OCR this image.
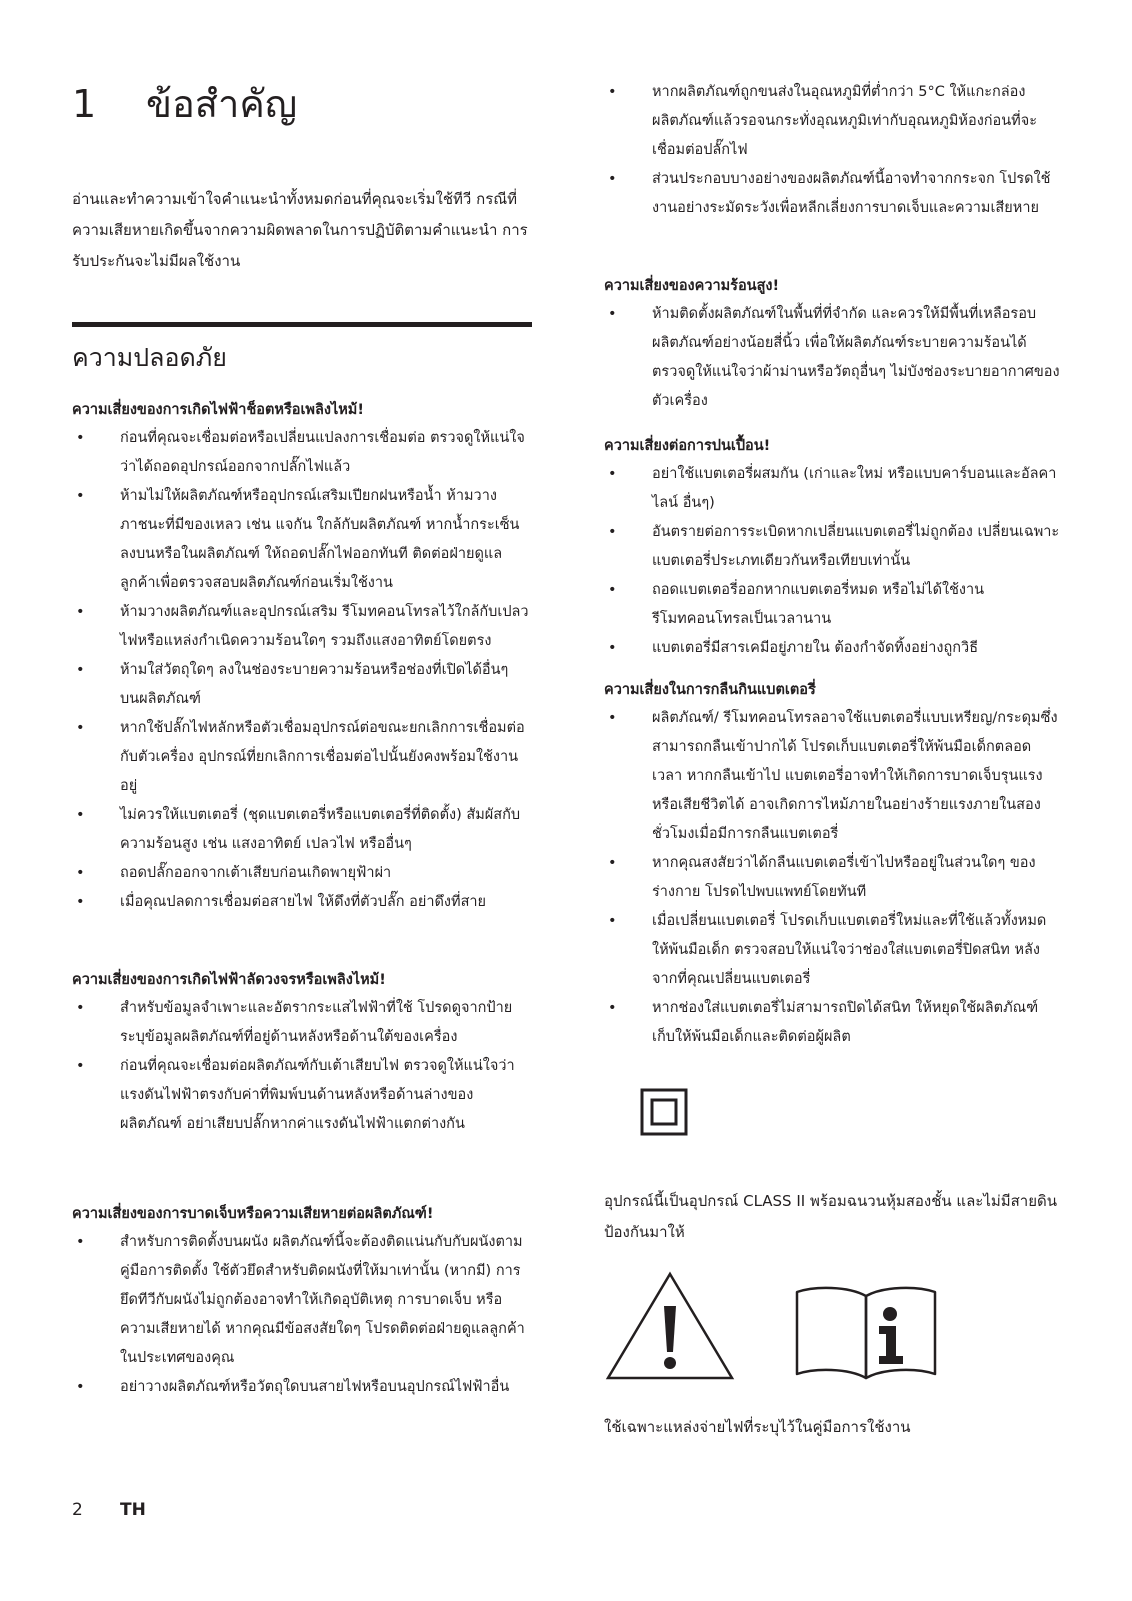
1 ข้อสำคัญ
อ่านและทำความเข้าใจคำแนะนำทั้งหมดก่อนที่คุณจะเริ่มใช้ทีวี กรณีที่ความเสียหายเกิดขึ้นจากความผิดพลาดในการปฏิบัติตามคำแนะนำ การรับประกันจะไม่มีผลใช้งาน
ความปลอดภัย

ความเสี่ยงของการเกิดไฟฟ้าช็อตหรือเพลิงไหม้!

• ก่อนที่คุณจะเชื่อมต่อหรือเปลี่ยนแปลงการเชื่อมต่อ ตรวจดูให้แน่ใจว่าได้ถอดอุปกรณ์ออกจากปลั๊กไฟแล้ว
• ห้ามไม่ให้ผลิตภัณฑ์หรืออุปกรณ์เสริมเปียกฝนหรือน้ำ ห้ามวางภาชนะที่มีของเหลว เช่น แจกัน ใกล้กับผลิตภัณฑ์ หากน้ำกระเซ็นลงบนหรือในผลิตภัณฑ์ ให้ถอดปลั๊กไฟออกทันที ติดต่อฝ่ายดูแลลูกค้าเพื่อตรวจสอบผลิตภัณฑ์ก่อนเริ่มใช้งาน
• ห้ามวางผลิตภัณฑ์และอุปกรณ์เสริม รีโมทคอนโทรลไว้ใกล้กับเปลวไฟหรือแหล่งกำเนิดความร้อนใดๆ รวมถึงแสงอาทิตย์โดยตรง
• ห้ามใส่วัตถุใดๆ ลงในช่องระบายความร้อนหรือช่องที่เปิดได้อื่นๆ บนผลิตภัณฑ์
• หากใช้ปลั๊กไฟหลักหรือตัวเชื่อมอุปกรณ์ต่อขณะยกเลิกการเชื่อมต่อกับตัวเครื่อง อุปกรณ์ที่ยกเลิกการเชื่อมต่อไปนั้นยังคงพร้อมใช้งานอยู่
• ไม่ควรให้แบตเตอรี่ (ชุดแบตเตอรี่หรือแบตเตอรี่ที่ติดตั้ง) สัมผัสกับความร้อนสูง เช่น แสงอาทิตย์ เปลวไฟ หรืออื่นๆ
• ถอดปลั๊กออกจากเต้าเสียบก่อนเกิดพายุฟ้าผ่า
• เมื่อคุณปลดการเชื่อมต่อสายไฟ ให้ดึงที่ตัวปลั๊ก อย่าดึงที่สาย

ความเสี่ยงของการเกิดไฟฟ้าลัดวงจรหรือเพลิงไหม้!

• สำหรับข้อมูลจำเพาะและอัตรากระแสไฟฟ้าที่ใช้ โปรดดูจากป้ายระบุข้อมูลผลิตภัณฑ์ที่อยู่ด้านหลังหรือด้านใต้ของเครื่อง
• ก่อนที่คุณจะเชื่อมต่อผลิตภัณฑ์กับเต้าเสียบไฟ ตรวจดูให้แน่ใจว่าแรงดันไฟฟ้าตรงกับค่าที่พิมพ์บนด้านหลังหรือด้านล่างของผลิตภัณฑ์ อย่าเสียบปลั๊กหากค่าแรงดันไฟฟ้าแตกต่างกัน

ความเสี่ยงของการบาดเจ็บหรือความเสียหายต่อผลิตภัณฑ์!

• สำหรับการติดตั้งบนผนัง ผลิตภัณฑ์นี้จะต้องติดแน่นกับกับผนังตามคู่มือการติดตั้ง ใช้ตัวยึดสำหรับติดผนังที่ให้มาเท่านั้น (หากมี) การยึดทีวีกับผนังไม่ถูกต้องอาจทำให้เกิดอุบัติเหตุ การบาดเจ็บ หรือความเสียหายได้ หากคุณมีข้อสงสัยใดๆ โปรดติดต่อฝ่ายดูแลลูกค้าในประเทศของคุณ
• อย่าวางผลิตภัณฑ์หรือวัตถุใดบนสายไฟหรือบนอุปกรณ์ไฟฟ้าอื่น
• หากผลิตภัณฑ์ถูกขนส่งในอุณหภูมิที่ต่ำกว่า 5°C ให้แกะกล่องผลิตภัณฑ์แล้วรอจนกระทั่งอุณหภูมิเท่ากับอุณหภูมิห้องก่อนที่จะเชื่อมต่อปลั๊กไฟ
• ส่วนประกอบบางอย่างของผลิตภัณฑ์นี้อาจทำจากกระจก โปรดใช้งานอย่างระมัดระวังเพื่อหลีกเลี่ยงการบาดเจ็บและความเสียหาย

ความเสี่ยงของความร้อนสูง!

• ห้ามติดตั้งผลิตภัณฑ์ในพื้นที่ที่จำกัด และควรให้มีพื้นที่เหลือรอบผลิตภัณฑ์อย่างน้อยสี่นิ้ว เพื่อให้ผลิตภัณฑ์ระบายความร้อนได้ ตรวจดูให้แน่ใจว่าผ้าม่านหรือวัตถุอื่นๆ ไม่บังช่องระบายอากาศของตัวเครื่อง

ความเสี่ยงต่อการปนเปื้อน!

• อย่าใช้แบตเตอรี่ผสมกัน (เก่าและใหม่ หรือแบบคาร์บอนและอัลคาไลน์ อื่นๆ)
• อันตรายต่อการระเบิดหากเปลี่ยนแบตเตอรี่ไม่ถูกต้อง เปลี่ยนเฉพาะแบตเตอรี่ประเภทเดียวกันหรือเทียบเท่านั้น
• ถอดแบตเตอรี่ออกหากแบตเตอรี่หมด หรือไม่ได้ใช้งานรีโมทคอนโทรลเป็นเวลานาน
• แบตเตอรี่มีสารเคมีอยู่ภายใน ต้องกำจัดทิ้งอย่างถูกวิธี

ความเสี่ยงในการกลืนกินแบตเตอรี่

• ผลิตภัณฑ์/ รีโมทคอนโทรลอาจใช้แบตเตอรี่แบบเหรียญ/กระดุมซึ่งสามารถกลืนเข้าปากได้ โปรดเก็บแบตเตอรี่ให้พ้นมือเด็กตลอดเวลา หากกลืนเข้าไป แบตเตอรี่อาจทำให้เกิดการบาดเจ็บรุนแรงหรือเสียชีวิตได้ อาจเกิดการไหม้ภายในอย่างร้ายแรงภายในสองชั่วโมงเมื่อมีการกลืนแบตเตอรี่
• หากคุณสงสัยว่าได้กลืนแบตเตอรี่เข้าไปหรืออยู่ในส่วนใดๆ ของร่างกาย โปรดไปพบแพทย์โดยทันที
• เมื่อเปลี่ยนแบตเตอรี่ โปรดเก็บแบตเตอรี่ใหม่และที่ใช้แล้วทั้งหมดให้พ้นมือเด็ก ตรวจสอบให้แน่ใจว่าช่องใส่แบตเตอรี่ปิดสนิท หลังจากที่คุณเปลี่ยนแบตเตอรี่
• หากช่องใส่แบตเตอรี่ไม่สามารถปิดได้สนิท ให้หยุดใช้ผลิตภัณฑ์ เก็บให้พ้นมือเด็กและติดต่อผู้ผลิต
อุปกรณ์นี้เป็นอุปกรณ์ CLASS II พร้อมฉนวนหุ้มสองชั้น และไม่มีสายดินป้องกันมาให้
ใช้เฉพาะแหล่งจ่ายไฟที่ระบุไว้ในคู่มือการใช้งาน
2 TH
